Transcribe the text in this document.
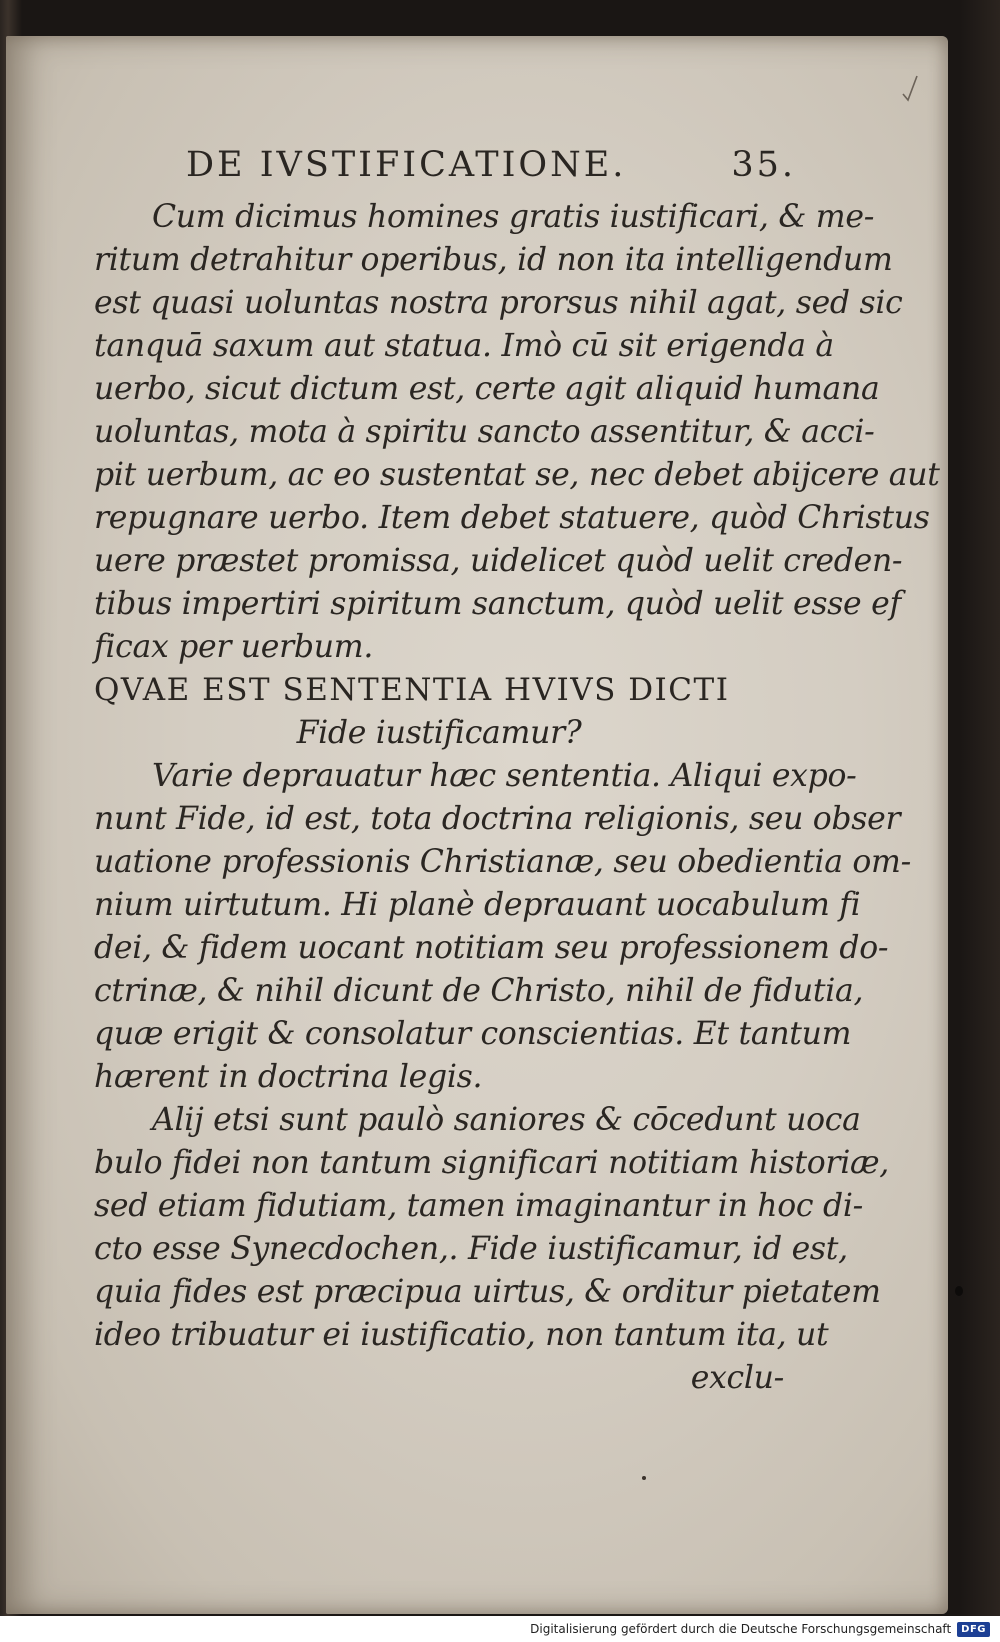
DE IVSTIFICATIONE.	35.
Cum dicimus homines gratis iustificari, & me-
ritum detrahitur operibus, id non ita intelligendum
est quasi uoluntas nostra prorsus nihil agat, sed sic
tanquā saxum aut statua. Imò cū sit erigenda à
uerbo, sicut dictum est, certe agit aliquid humana
uoluntas, mota à spiritu sancto assentitur, & acci-
pit uerbum, ac eo sustentat se, nec debet abijcere aut
repugnare uerbo. Item debet statuere, quòd Christus
uere præstet promissa, uidelicet quòd uelit creden-
tibus impertiri spiritum sanctum, quòd uelit esse ef
ficax per uerbum.
QVAE EST SENTENTIA HVIVS DICTI
Fide iustificamur?
Varie deprauatur hæc sententia. Aliqui expo-
nunt Fide, id est, tota doctrina religionis, seu obser
uatione professionis Christianæ, seu obedientia om-
nium uirtutum. Hi planè deprauant uocabulum fi
dei, & fidem uocant notitiam seu professionem do-
ctrinæ, & nihil dicunt de Christo, nihil de fidutia,
quæ erigit & consolatur conscientias. Et tantum
hærent in doctrina legis.
Alij etsi sunt paulò saniores & cōcedunt uoca
bulo fidei non tantum significari notitiam historiæ,
sed etiam fidutiam, tamen imaginantur in hoc di-
cto esse Synecdochen,. Fide iustificamur, id est,
quia fides est præcipua uirtus, & orditur pietatem
ideo tribuatur ei iustificatio, non tantum ita, ut
exclu-
Digitalisierung gefördert durch die Deutsche Forschungsgemeinschaft	DFG
